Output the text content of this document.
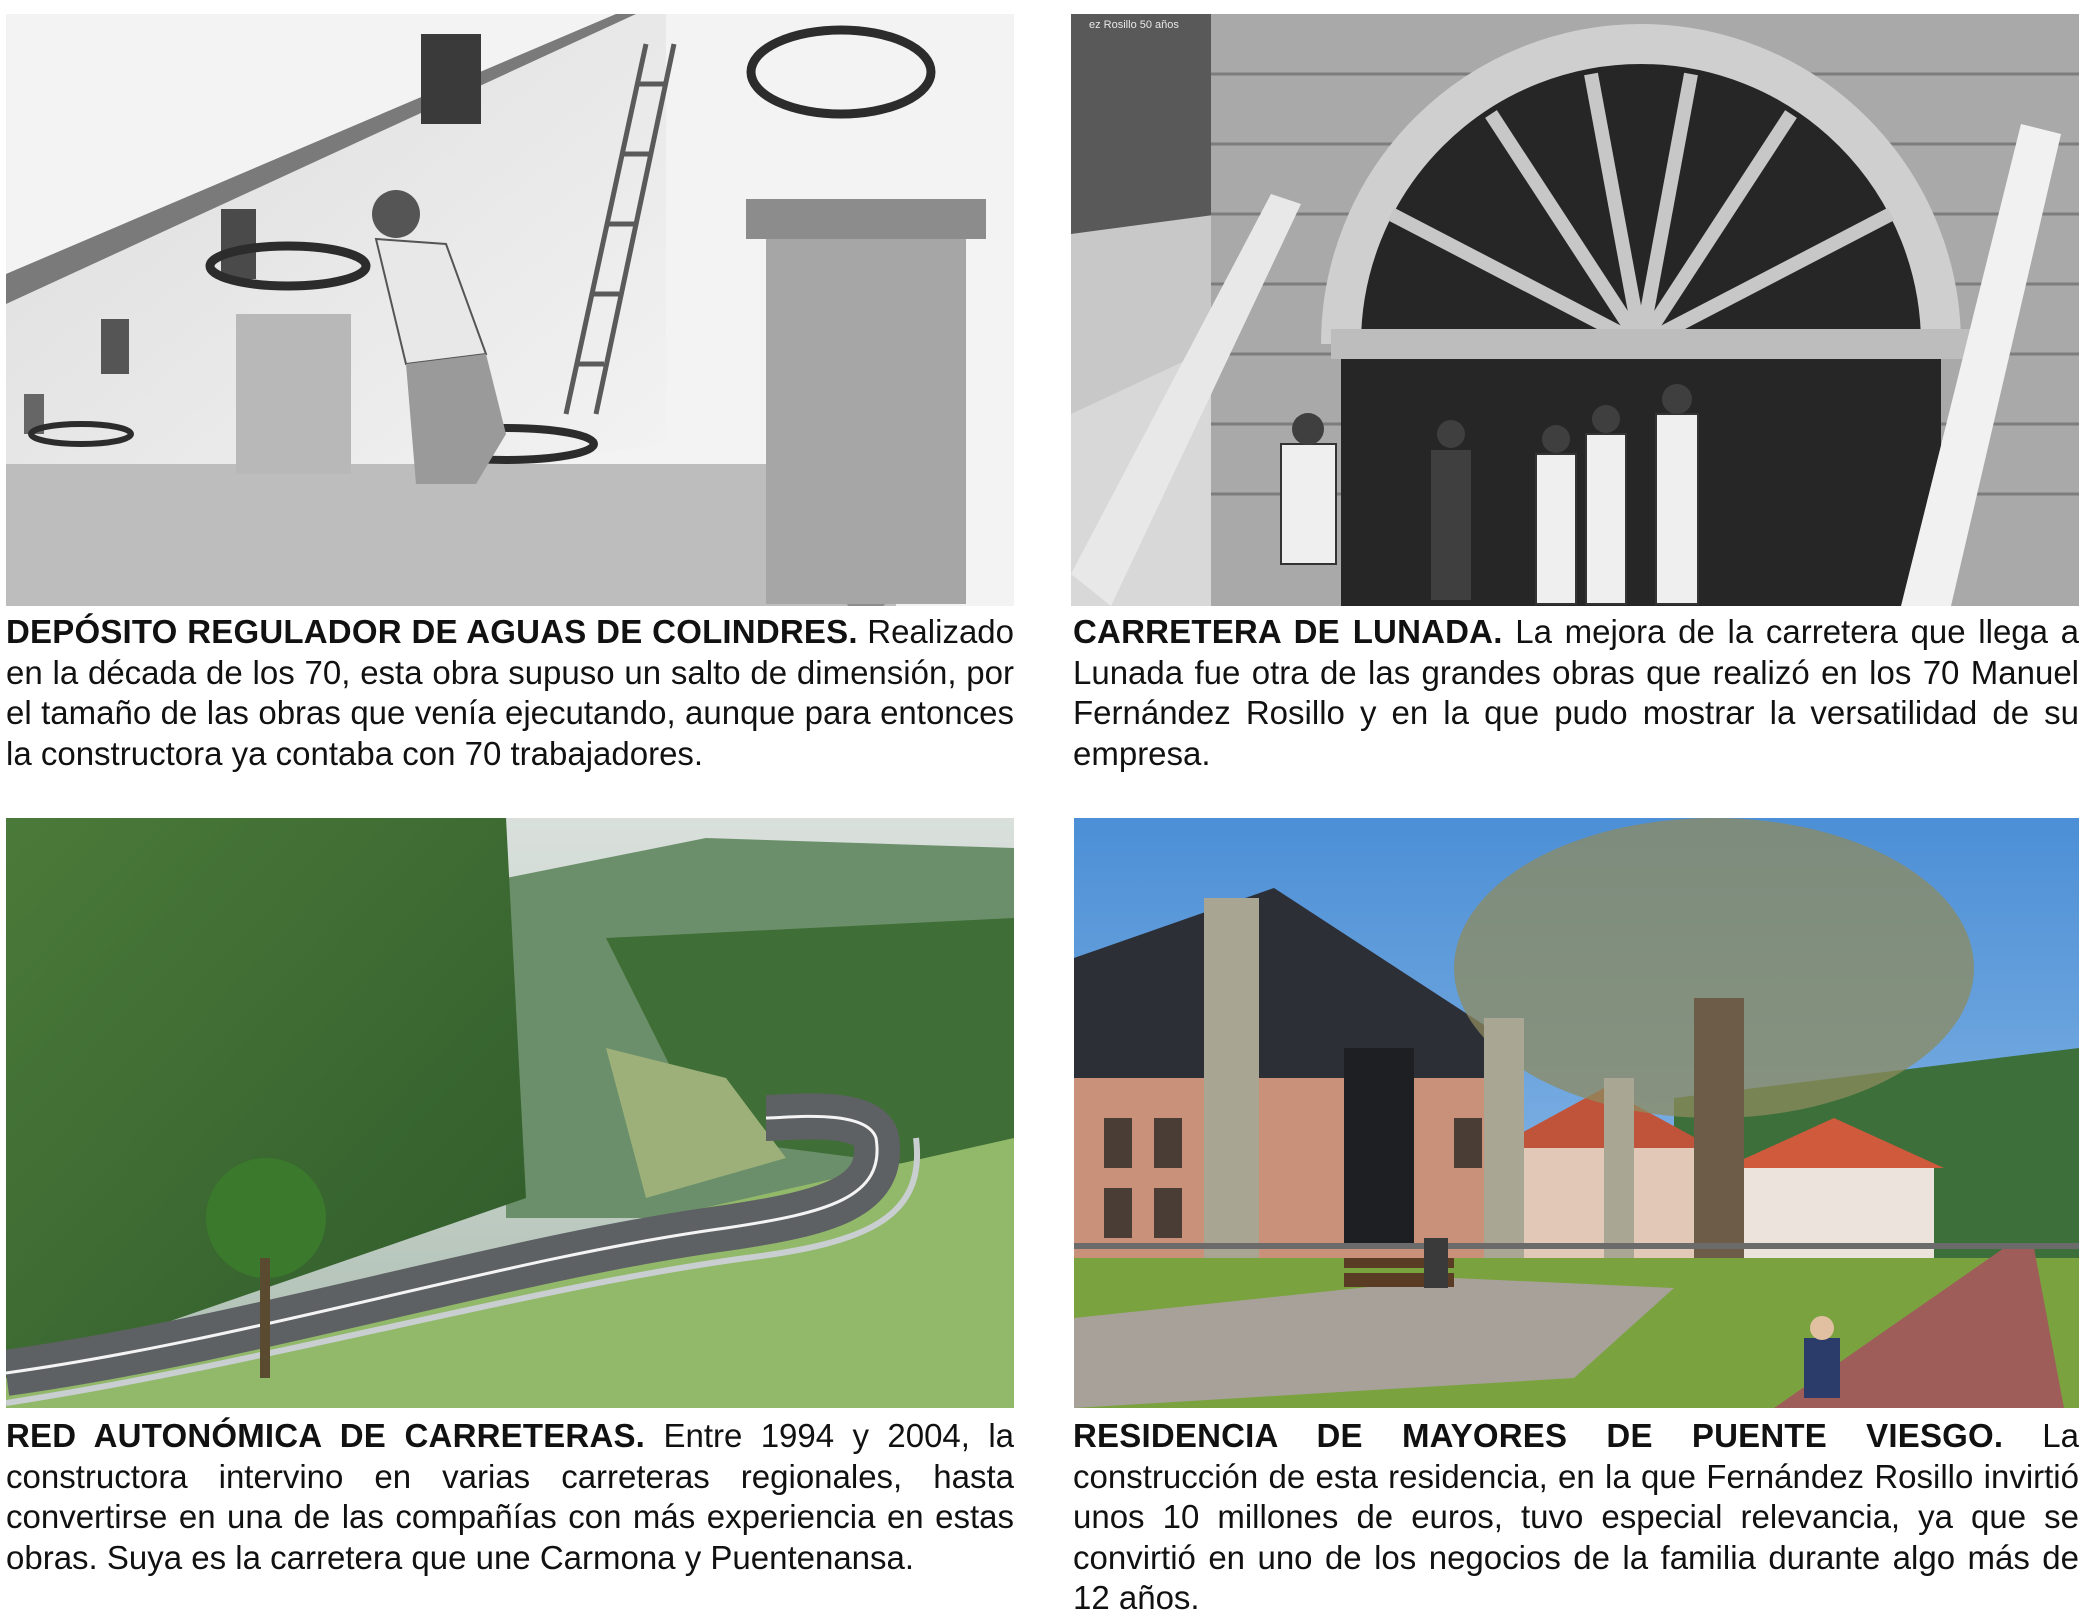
DEPÓSITO REGULADOR DE AGUAS DE COLINDRES. Realizado en la década de los 70, esta obra supuso un salto de dimensión, por el tamaño de las obras que venía ejecutando, aunque para entonces la constructora ya contaba con 70 trabajadores.

ez Rosillo 50 años

CARRETERA DE LUNADA. La mejora de la carretera que llega a Lunada fue otra de las grandes obras que realizó en los 70 Manuel Fernández Rosillo y en la que pudo mostrar la versatilidad de su empresa.

RED AUTONÓMICA DE CARRETERAS. Entre 1994 y 2004, la constructora intervino en varias carreteras regionales, hasta convertirse en una de las compañías con más experiencia en estas obras. Suya es la carretera que une Carmona y Puentenansa.

RESIDENCIA DE MAYORES DE PUENTE VIESGO. La construcción de esta residencia, en la que Fernández Rosillo invirtió unos 10 millones de euros, tuvo especial relevancia, ya que se convirtió en uno de los negocios de la familia durante algo más de 12 años.
